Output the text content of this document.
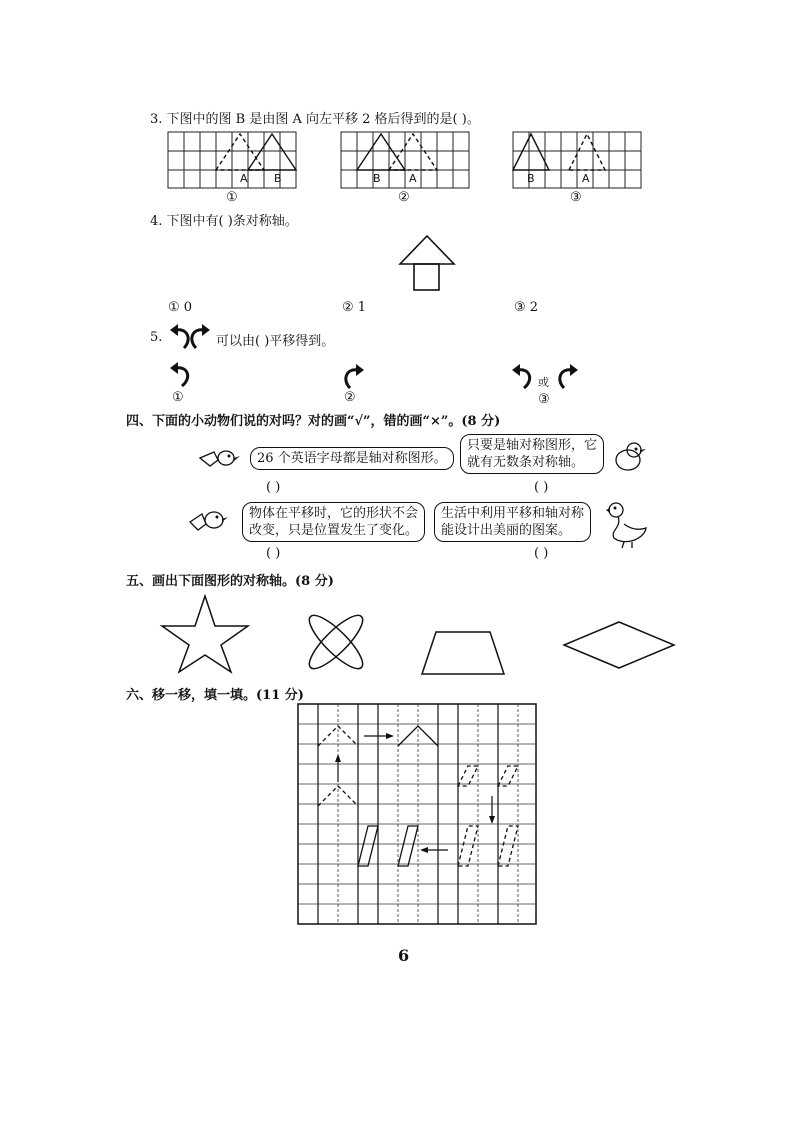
3. 下图中的图 B 是由图 A 向左平移 2 格后得到的是( )。
A B
①
B	A
②
B	A
③
4. 下图中有( )条对称轴。
① 0	② 1	③ 2
5.	可以由( )平移得到。
①	②
或
③
四、下面的小动物们说的对吗？对的画“√”，错的画“×”。(8 分)
26 个英语字母都是轴对称图形。
( )
只要是轴对称图形，它
就有无数条对称轴。
( )
物体在平移时，它的形状不会
改变，只是位置发生了变化。
( )
生活中利用平移和轴对称
能设计出美丽的图案。
( )
五、画出下面图形的对称轴。(8 分)
六、移一移，填一填。(11 分)
6
